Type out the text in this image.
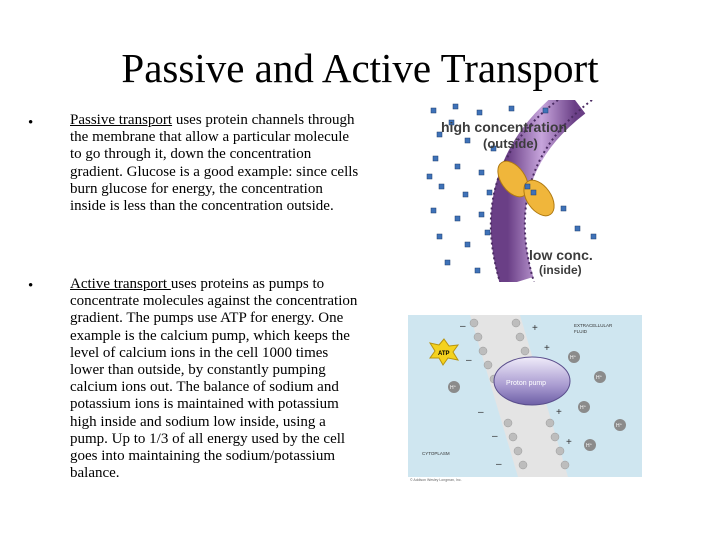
Passive and Active Transport
• Passive transport uses protein channels through the membrane that allow a particular molecule to go through it, down the concentration gradient. Glucose is a good example: since cells burn glucose for energy, the concentration inside is less than the concentration outside.
• Active transport uses proteins as pumps to concentrate molecules against the concentration gradient. The pumps use ATP for energy. One example is the calcium pump, which keeps the level of calcium ions in the cell 1000 times lower than outside, by constantly pumping calcium ions out. The balance of sodium and potassium ions is maintained with potassium high inside and sodium low inside, using a pump. Up to 1/3 of all energy used by the cell goes into maintaining the sodium/potassium balance.
high concentration
(outside)
low conc.
(inside)
Proton pump
ATP
H⁺
H⁺
H⁺
H⁺
H⁺
H⁺
–
–
–
–
–
+
+
+
+
EXTRACELLULAR
FLUID
CYTOPLASM
© Addison Wesley Longman, Inc.
